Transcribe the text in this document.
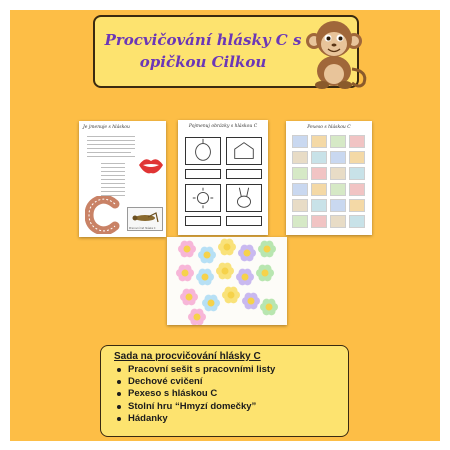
Procvičování hlásky C s
opičkou Cilkou
Je jmenuje s hláskou
Pracovní list hláska C
Pojmenuj obrázky s hláskou C	Pexeso s hláskou C
Sada na procvičování hlásky C
Pracovní sešit s pracovními listy
Dechové cvičení
Pexeso s hláskou C
Stolní hru “Hmyzí domečky”
Hádanky
